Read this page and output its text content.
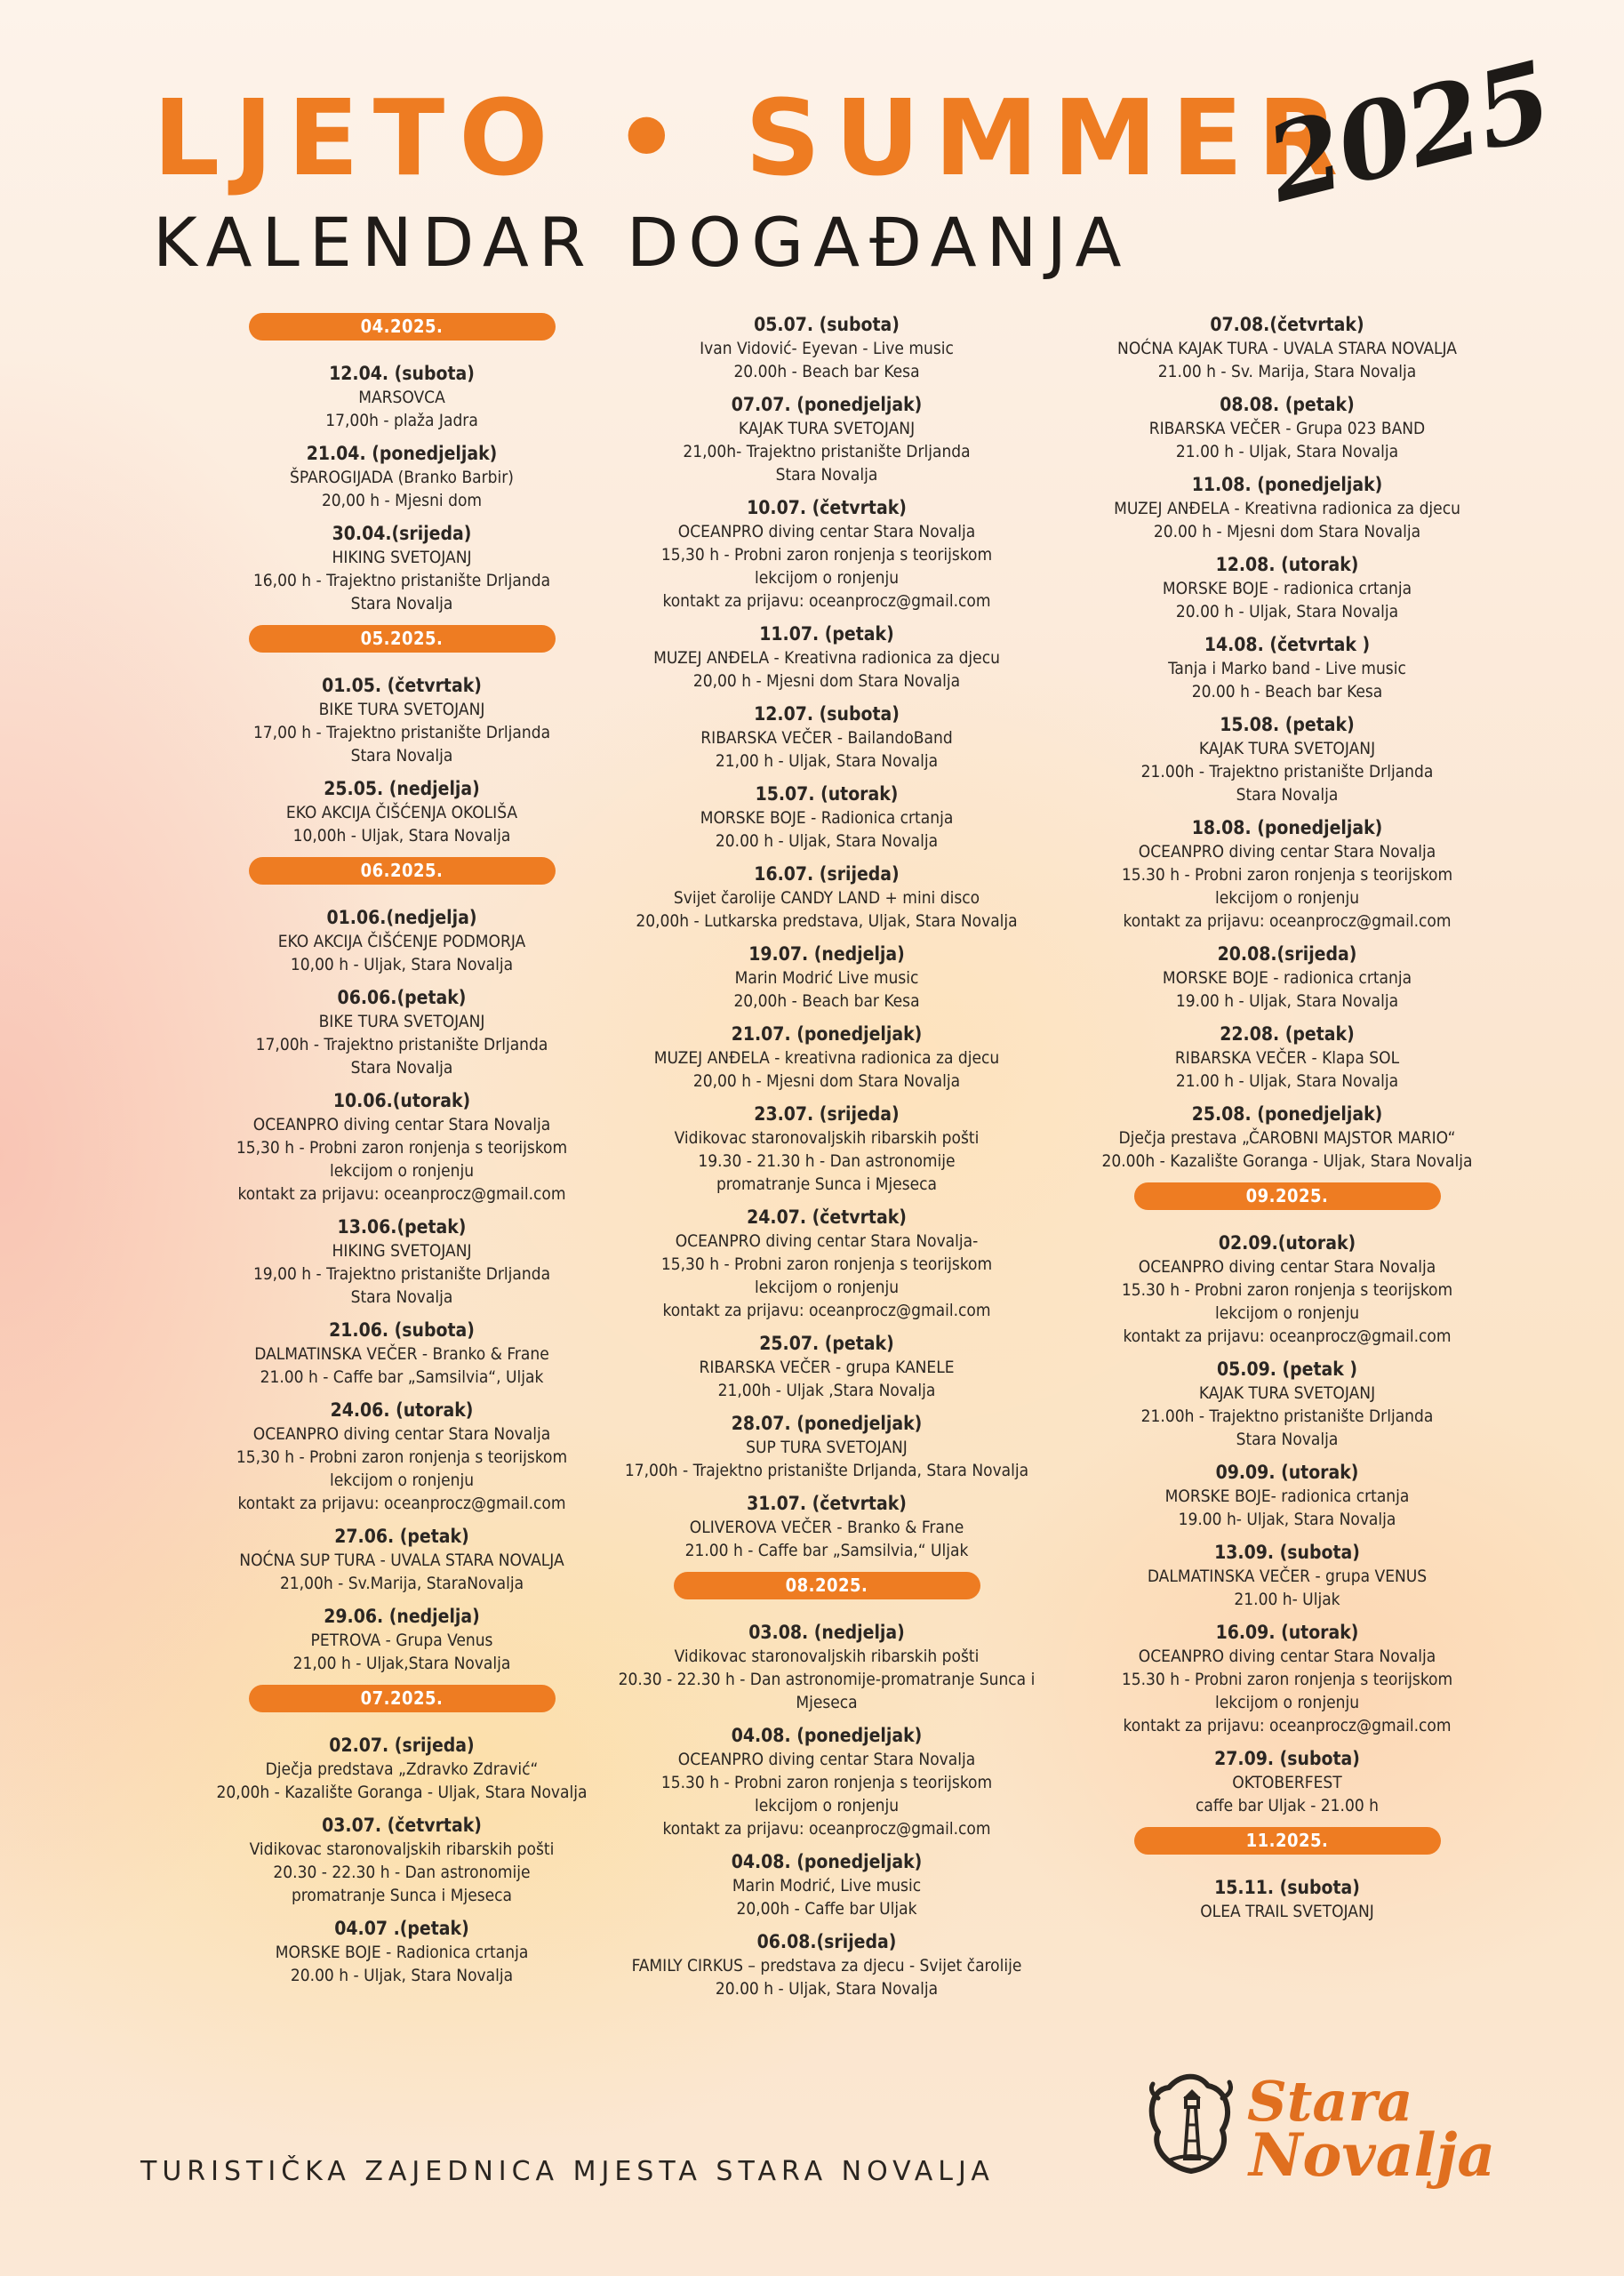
LJETO • SUMMER
KALENDAR DOGAĐANJA
2025
04.2025.
12.04. (subota)
MARSOVCA
17,00h - plaža Jadra
21.04. (ponedjeljak)
ŠPAROGIJADA (Branko Barbir)
20,00 h - Mjesni dom
30.04.(srijeda)
HIKING SVETOJANJ
16,00 h - Trajektno pristanište Drljanda
Stara Novalja
05.2025.
01.05. (četvrtak)
BIKE TURA SVETOJANJ
17,00 h - Trajektno pristanište Drljanda
Stara Novalja
25.05. (nedjelja)
EKO AKCIJA ČIŠĆENJA OKOLIŠA
10,00h - Uljak, Stara Novalja
06.2025.
01.06.(nedjelja)
EKO AKCIJA ČIŠĆENJE PODMORJA
10,00 h - Uljak, Stara Novalja
06.06.(petak)
BIKE TURA SVETOJANJ
17,00h - Trajektno pristanište Drljanda
Stara Novalja
10.06.(utorak)
OCEANPRO diving centar Stara Novalja
15,30 h - Probni zaron ronjenja s teorijskom
lekcijom o ronjenju
kontakt za prijavu: oceanprocz@gmail.com
13.06.(petak)
HIKING SVETOJANJ
19,00 h - Trajektno pristanište Drljanda
Stara Novalja
21.06. (subota)
DALMATINSKA VEČER - Branko & Frane
21.00 h - Caffe bar „Samsilvia“, Uljak
24.06. (utorak)
OCEANPRO diving centar Stara Novalja
15,30 h - Probni zaron ronjenja s teorijskom
lekcijom o ronjenju
kontakt za prijavu: oceanprocz@gmail.com
27.06. (petak)
NOĆNA SUP TURA - UVALA STARA NOVALJA
21,00h - Sv.Marija, StaraNovalja
29.06. (nedjelja)
PETROVA - Grupa Venus
21,00 h - Uljak,Stara Novalja
07.2025.
02.07. (srijeda)
Dječja predstava „Zdravko Zdravić“
20,00h - Kazalište Goranga - Uljak, Stara Novalja
03.07. (četvrtak)
Vidikovac staronovaljskih ribarskih pošti
20.30 - 22.30 h - Dan astronomije
promatranje Sunca i Mjeseca
04.07 .(petak)
MORSKE BOJE - Radionica crtanja
20.00 h - Uljak, Stara Novalja
05.07. (subota)
Ivan Vidović- Eyevan - Live music
20.00h - Beach bar Kesa
07.07. (ponedjeljak)
KAJAK TURA SVETOJANJ
21,00h- Trajektno pristanište Drljanda
Stara Novalja
10.07. (četvrtak)
OCEANPRO diving centar Stara Novalja
15,30 h - Probni zaron ronjenja s teorijskom
lekcijom o ronjenju
kontakt za prijavu: oceanprocz@gmail.com
11.07. (petak)
MUZEJ ANĐELA - Kreativna radionica za djecu
20,00 h - Mjesni dom Stara Novalja
12.07. (subota)
RIBARSKA VEČER - BailandoBand
21,00 h - Uljak, Stara Novalja
15.07. (utorak)
MORSKE BOJE - Radionica crtanja
20.00 h - Uljak, Stara Novalja
16.07. (srijeda)
Svijet čarolije CANDY LAND + mini disco
20,00h - Lutkarska predstava, Uljak, Stara Novalja
19.07. (nedjelja)
Marin Modrić Live music
20,00h - Beach bar Kesa
21.07. (ponedjeljak)
MUZEJ ANĐELA - kreativna radionica za djecu
20,00 h - Mjesni dom Stara Novalja
23.07. (srijeda)
Vidikovac staronovaljskih ribarskih pošti
19.30 - 21.30 h - Dan astronomije
promatranje Sunca i Mjeseca
24.07. (četvrtak)
OCEANPRO diving centar Stara Novalja-
15,30 h - Probni zaron ronjenja s teorijskom
lekcijom o ronjenju
kontakt za prijavu: oceanprocz@gmail.com
25.07. (petak)
RIBARSKA VEČER - grupa KANELE
21,00h - Uljak ,Stara Novalja
28.07. (ponedjeljak)
SUP TURA SVETOJANJ
17,00h - Trajektno pristanište Drljanda, Stara Novalja
31.07. (četvrtak)
OLIVEROVA VEČER - Branko & Frane
21.00 h - Caffe bar „Samsilvia,“ Uljak
08.2025.
03.08. (nedjelja)
Vidikovac staronovaljskih ribarskih pošti
20.30 - 22.30 h - Dan astronomije-promatranje Sunca i
Mjeseca
04.08. (ponedjeljak)
OCEANPRO diving centar Stara Novalja
15.30 h - Probni zaron ronjenja s teorijskom
lekcijom o ronjenju
kontakt za prijavu: oceanprocz@gmail.com
04.08. (ponedjeljak)
Marin Modrić, Live music
20,00h - Caffe bar Uljak
06.08.(srijeda)
FAMILY CIRKUS – predstava za djecu - Svijet čarolije
20.00 h - Uljak, Stara Novalja
07.08.(četvrtak)
NOĆNA KAJAK TURA - UVALA STARA NOVALJA
21.00 h - Sv. Marija, Stara Novalja
08.08. (petak)
RIBARSKA VEČER - Grupa 023 BAND
21.00 h - Uljak, Stara Novalja
11.08. (ponedjeljak)
MUZEJ ANĐELA - Kreativna radionica za djecu
20.00 h - Mjesni dom Stara Novalja
12.08. (utorak)
MORSKE BOJE - radionica crtanja
20.00 h - Uljak, Stara Novalja
14.08. (četvrtak )
Tanja i Marko band - Live music
20.00 h - Beach bar Kesa
15.08. (petak)
KAJAK TURA SVETOJANJ
21.00h - Trajektno pristanište Drljanda
Stara Novalja
18.08. (ponedjeljak)
OCEANPRO diving centar Stara Novalja
15.30 h - Probni zaron ronjenja s teorijskom
lekcijom o ronjenju
kontakt za prijavu: oceanprocz@gmail.com
20.08.(srijeda)
MORSKE BOJE - radionica crtanja
19.00 h - Uljak, Stara Novalja
22.08. (petak)
RIBARSKA VEČER - Klapa SOL
21.00 h - Uljak, Stara Novalja
25.08. (ponedjeljak)
Dječja prestava „ČAROBNI MAJSTOR MARIO“
20.00h - Kazalište Goranga - Uljak, Stara Novalja
09.2025.
02.09.(utorak)
OCEANPRO diving centar Stara Novalja
15.30 h - Probni zaron ronjenja s teorijskom
lekcijom o ronjenju
kontakt za prijavu: oceanprocz@gmail.com
05.09. (petak )
KAJAK TURA SVETOJANJ
21.00h - Trajektno pristanište Drljanda
Stara Novalja
09.09. (utorak)
MORSKE BOJE- radionica crtanja
19.00 h- Uljak, Stara Novalja
13.09. (subota)
DALMATINSKA VEČER - grupa VENUS
21.00 h- Uljak
16.09. (utorak)
OCEANPRO diving centar Stara Novalja
15.30 h - Probni zaron ronjenja s teorijskom
lekcijom o ronjenju
kontakt za prijavu: oceanprocz@gmail.com
27.09. (subota)
OKTOBERFEST
caffe bar Uljak - 21.00 h
11.2025.
15.11. (subota)
OLEA TRAIL SVETOJANJ
TURISTIČKA ZAJEDNICA MJESTA STARA NOVALJA
Stara
Novalja
